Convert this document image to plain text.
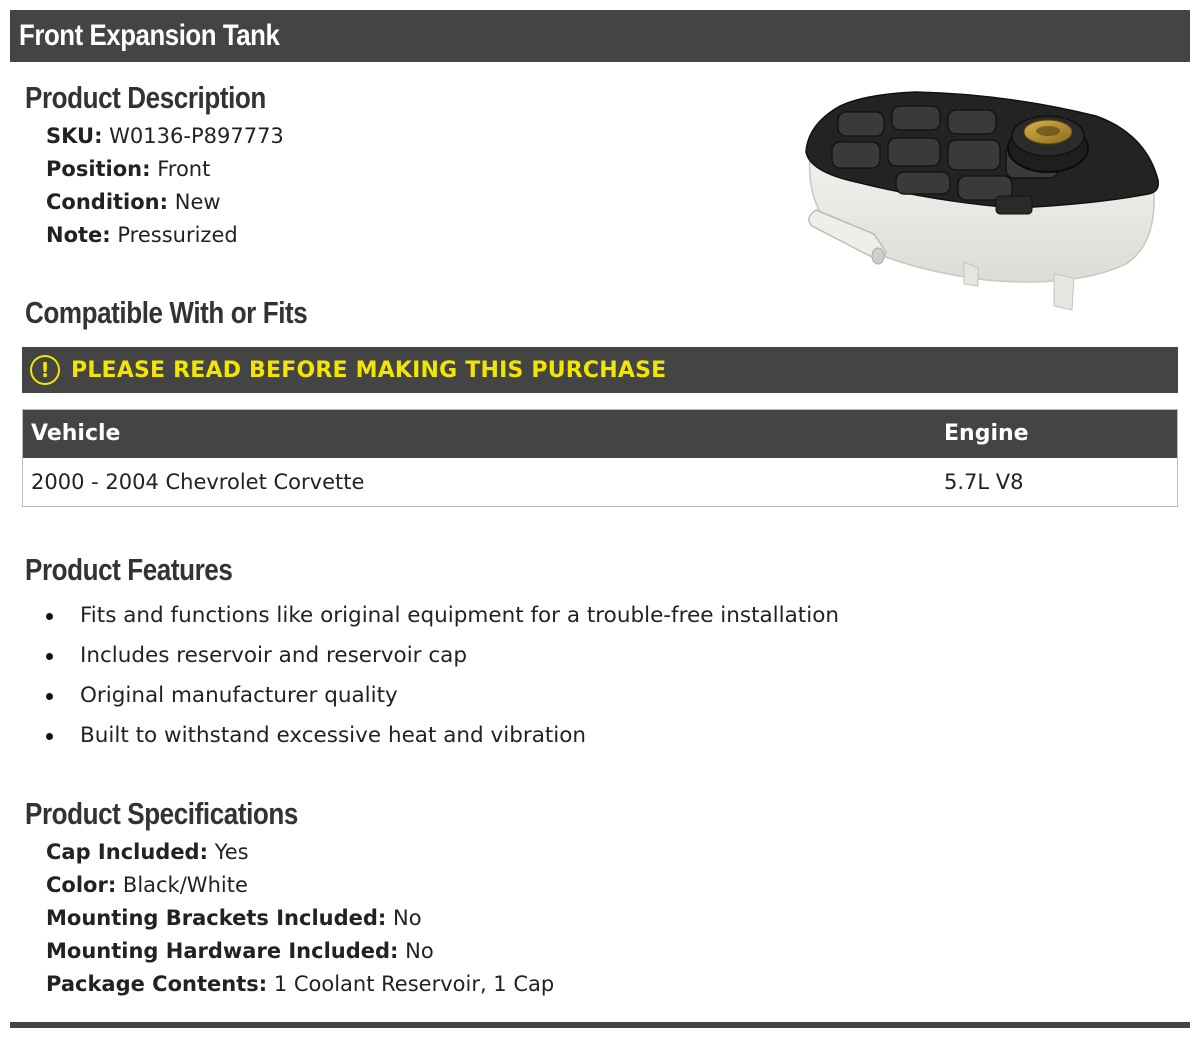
Front Expansion Tank
Product Description
SKU: W0136-P897773
Position: Front
Condition: New
Note: Pressurized
Compatible With or Fits
! PLEASE READ BEFORE MAKING THIS PURCHASE
Vehicle	Engine
2000 - 2004 Chevrolet Corvette	5.7L V8
Product Features
Fits and functions like original equipment for a trouble-free installation
Includes reservoir and reservoir cap
Original manufacturer quality
Built to withstand excessive heat and vibration
Product Specifications
Cap Included: Yes
Color: Black/White
Mounting Brackets Included: No
Mounting Hardware Included: No
Package Contents: 1 Coolant Reservoir, 1 Cap
